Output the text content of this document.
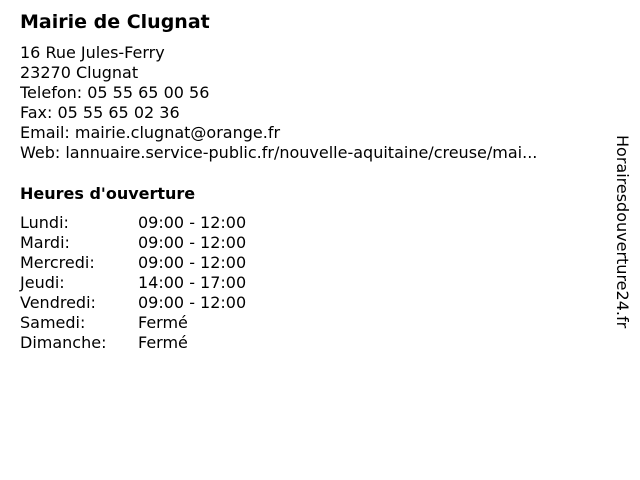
Mairie de Clugnat
16 Rue Jules-Ferry
23270 Clugnat
Telefon: 05 55 65 00 56
Fax: 05 55 65 02 36
Email: mairie.clugnat@orange.fr
Web: lannuaire.service-public.fr/nouvelle-aquitaine/creuse/mai...
Heures d'ouverture
Lundi:	09:00 - 12:00
Mardi:	09:00 - 12:00
Mercredi:	09:00 - 12:00
Jeudi:	14:00 - 17:00
Vendredi:	09:00 - 12:00
Samedi:	Fermé
Dimanche:	Fermé
Horairesdouverture24.fr
